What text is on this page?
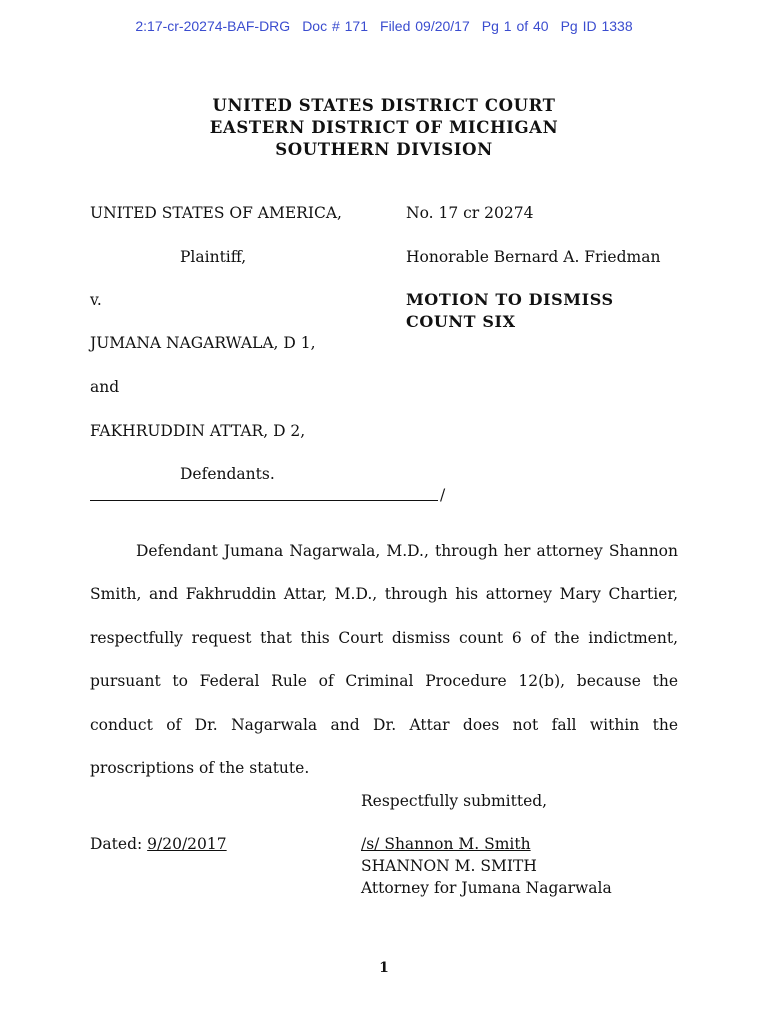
2:17-cr-20274-BAF-DRG Doc # 171 Filed 09/20/17 Pg 1 of 40 Pg ID 1338
UNITED STATES DISTRICT COURT
EASTERN DISTRICT OF MICHIGAN
SOUTHERN DIVISION
UNITED STATES OF AMERICA,
Plaintiff,
v.
JUMANA NAGARWALA, D 1,
and
FAKHRUDDIN ATTAR, D 2,
Defendants.
/
No. 17 cr 20274
Honorable Bernard A. Friedman
MOTION TO DISMISS
COUNT SIX
Defendant Jumana Nagarwala, M.D., through her attorney Shannon Smith, and Fakhruddin Attar, M.D., through his attorney Mary Chartier, respectfully request that this Court dismiss count 6 of the indictment, pursuant to Federal Rule of Criminal Procedure 12(b), because the conduct of Dr. Nagarwala and Dr. Attar does not fall within the proscriptions of the statute.
Respectfully submitted,
Dated: 9/20/2017	/s/ Shannon M. Smith
SHANNON M. SMITH
Attorney for Jumana Nagarwala
1
